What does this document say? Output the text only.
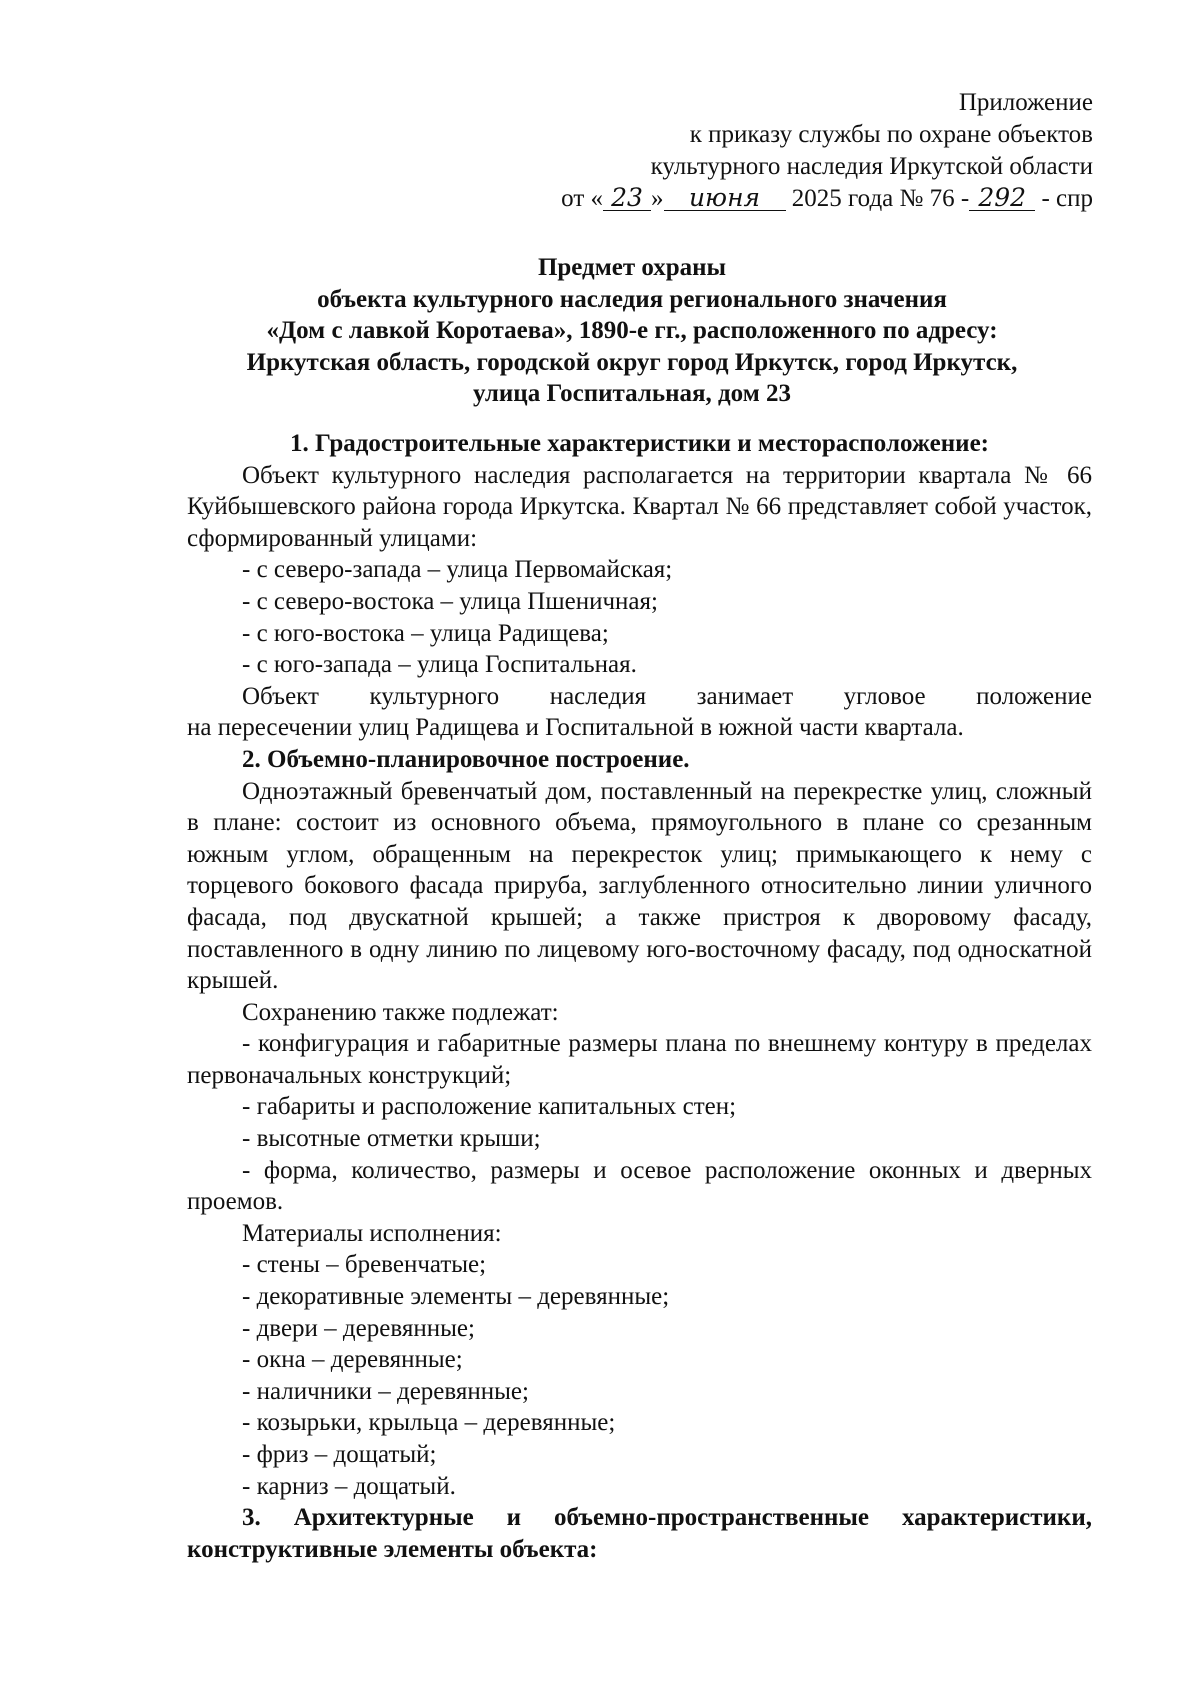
Приложение
к приказу службы по охране объектов
культурного наследия Иркутской области
от « 23 » июня 2025 года № 76 - 292 - спр
Предмет охраны
объекта культурного наследия регионального значения
«Дом с лавкой Коротаева», 1890-е гг., расположенного по адресу:
Иркутская область, городской округ город Иркутск, город Иркутск,
улица Госпитальная, дом 23

1. Градостроительные характеристики и месторасположение:

Объект культурного наследия располагается на территории квартала № 66 Куйбышевского района города Иркутска. Квартал № 66 представляет собой участок, сформированный улицами:

- с северо-запада – улица Первомайская;

- с северо-востока – улица Пшеничная;

- с юго-востока – улица Радищева;

- с юго-запада – улица Госпитальная.

Объект культурного наследия занимает угловое положение

на пересечении улиц Радищева и Госпитальной в южной части квартала.

2. Объемно-планировочное построение.

Одноэтажный бревенчатый дом, поставленный на перекрестке улиц, сложный в плане: состоит из основного объема, прямоугольного в плане со срезанным южным углом, обращенным на перекресток улиц; примыкающего к нему с торцевого бокового фасада прирубa, заглубленного относительно линии уличного фасада, под двускатной крышей; а также пристроя к дворовому фасаду, поставленного в одну линию по лицевому юго-восточному фасаду, под односкатной крышей.

Сохранению также подлежат:

- конфигурация и габаритные размеры плана по внешнему контуру в пределах первоначальных конструкций;

- габариты и расположение капитальных стен;

- высотные отметки крыши;

- форма, количество, размеры и осевое расположение оконных и дверных проемов.

Материалы исполнения:

- стены – бревенчатые;

- декоративные элементы – деревянные;

- двери – деревянные;

- окна – деревянные;

- наличники – деревянные;

- козырьки, крыльца – деревянные;

- фриз – дощатый;

- карниз – дощатый.

3. Архитектурные и объемно-пространственные характеристики, конструктивные элементы объекта:
